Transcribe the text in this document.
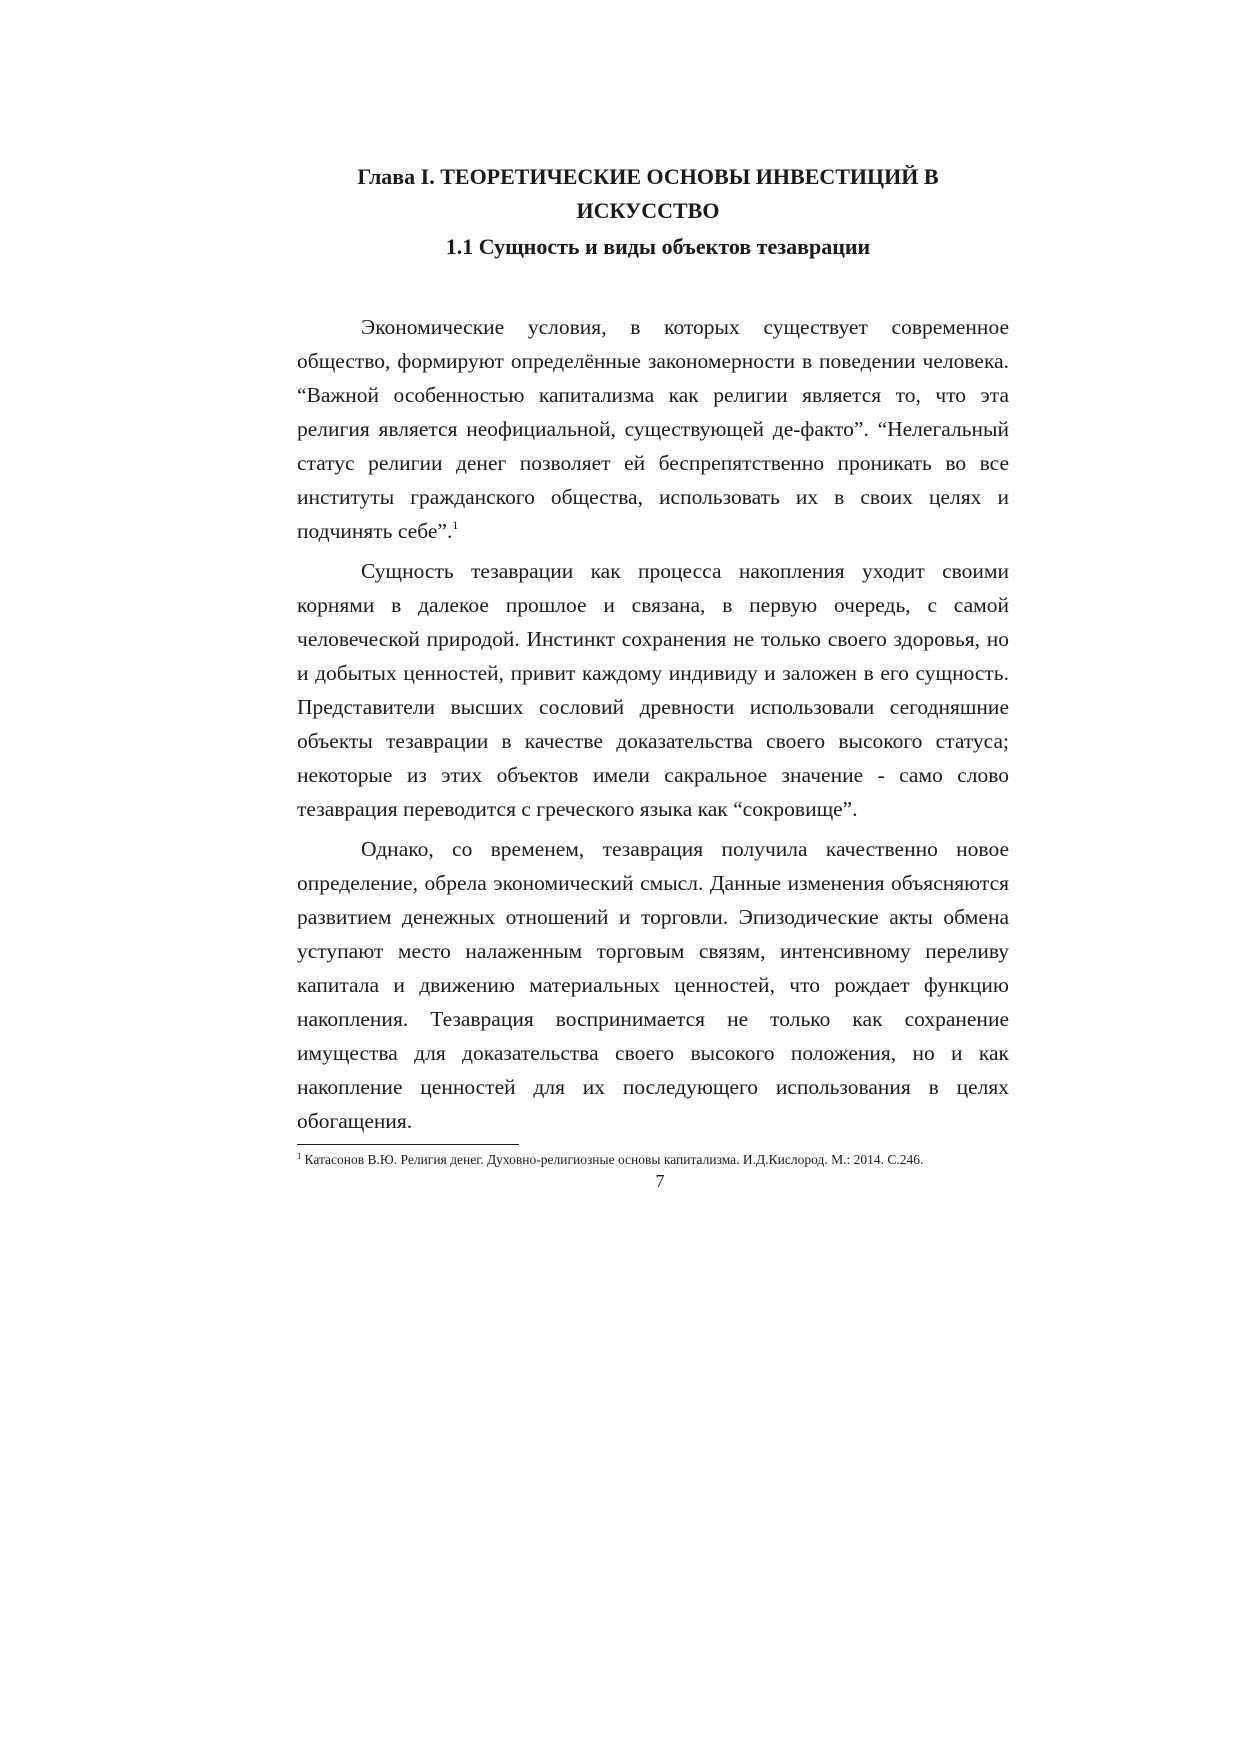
Глава I. ТЕОРЕТИЧЕСКИЕ ОСНОВЫ ИНВЕСТИЦИЙ В ИСКУССТВО
1.1 Сущность и виды объектов тезаврации

Экономические условия, в которых существует современное общество, формируют определённые закономерности в поведении человека. “Важной особенностью капитализма как религии является то, что эта религия является неофициальной, существующей де-факто”. “Нелегальный статус религии денег позволяет ей беспрепятственно проникать во все институты гражданского общества, использовать их в своих целях и подчинять себе”.$^1$

Сущность тезаврации как процесса накопления уходит своими корнями в далекое прошлое и связана, в первую очередь, с самой человеческой природой. Инстинкт сохранения не только своего здоровья, но и добытых ценностей, привит каждому индивиду и заложен в его сущность. Представители высших сословий древности использовали сегодняшние объекты тезаврации в качестве доказательства своего высокого статуса; некоторые из этих объектов имели сакральное значение - само слово тезаврация переводится с греческого языка как “сокровище”.

Однако, со временем, тезаврация получила качественно новое определение, обрела экономический смысл. Данные изменения объясняются развитием денежных отношений и торговли. Эпизодические акты обмена уступают место налаженным торговым связям, интенсивному переливу капитала и движению материальных ценностей, что рождает функцию накопления. Тезаврация воспринимается не только как сохранение имущества для доказательства своего высокого положения, но и как накопление ценностей для их последующего использования в целях обогащения.

$^1$ Катасонов В.Ю. Религия денег. Духовно-религиозные основы капитализма. И.Д.Кислород. М.: 2014. С.246.

7
